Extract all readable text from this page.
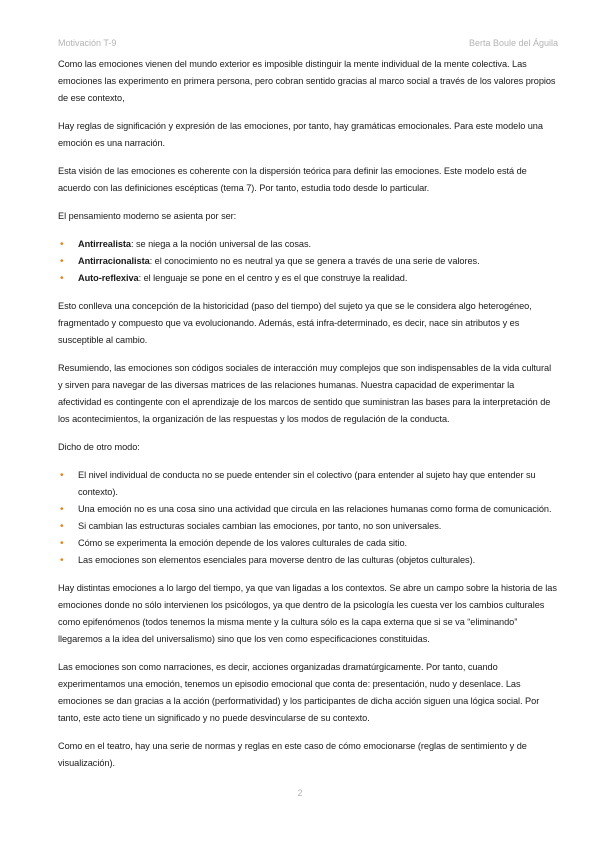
Motivación T-9	Berta Boule del Águila

Como las emociones vienen del mundo exterior es imposible distinguir la mente individual de la mente colectiva. Las emociones las experimento en primera persona, pero cobran sentido gracias al marco social a través de los valores propios de ese contexto,

Hay reglas de significación y expresión de las emociones, por tanto, hay gramáticas emocionales. Para este modelo una emoción es una narración.

Esta visión de las emociones es coherente con la dispersión teórica para definir las emociones. Este modelo está de acuerdo con las definiciones escépticas (tema 7). Por tanto, estudia todo desde lo particular.

El pensamiento moderno se asienta por ser:

• Antirrealista: se niega a la noción universal de las cosas.
• Antirracionalista: el conocimiento no es neutral ya que se genera a través de una serie de valores.
• Auto-reflexiva: el lenguaje se pone en el centro y es el que construye la realidad.

Esto conlleva una concepción de la historicidad (paso del tiempo) del sujeto ya que se le considera algo heterogéneo, fragmentado y compuesto que va evolucionando. Además, está infra-determinado, es decir, nace sin atributos y es susceptible al cambio.

Resumiendo, las emociones son códigos sociales de interacción muy complejos que son indispensables de la vida cultural y sirven para navegar de las diversas matrices de las relaciones humanas. Nuestra capacidad de experimentar la afectividad es contingente con el aprendizaje de los marcos de sentido que suministran las bases para la interpretación de los acontecimientos, la organización de las respuestas y los modos de regulación de la conducta.

Dicho de otro modo:

• El nivel individual de conducta no se puede entender sin el colectivo (para entender al sujeto hay que entender su contexto).
• Una emoción no es una cosa sino una actividad que circula en las relaciones humanas como forma de comunicación.
• Si cambian las estructuras sociales cambian las emociones, por tanto, no son universales.
• Cómo se experimenta la emoción depende de los valores culturales de cada sitio.
• Las emociones son elementos esenciales para moverse dentro de las culturas (objetos culturales).

Hay distintas emociones a lo largo del tiempo, ya que van ligadas a los contextos. Se abre un campo sobre la historia de las emociones donde no sólo intervienen los psicólogos, ya que dentro de la psicología les cuesta ver los cambios culturales como epifenómenos (todos tenemos la misma mente y la cultura sólo es la capa externa que si se va “eliminando” llegaremos a la idea del universalismo) sino que los ven como especificaciones constituidas.

Las emociones son como narraciones, es decir, acciones organizadas dramatúrgicamente. Por tanto, cuando experimentamos una emoción, tenemos un episodio emocional que conta de: presentación, nudo y desenlace. Las emociones se dan gracias a la acción (performatividad) y los participantes de dicha acción siguen una lógica social. Por tanto, este acto tiene un significado y no puede desvincularse de su contexto.

Como en el teatro, hay una serie de normas y reglas en este caso de cómo emocionarse (reglas de sentimiento y de visualización).

2
